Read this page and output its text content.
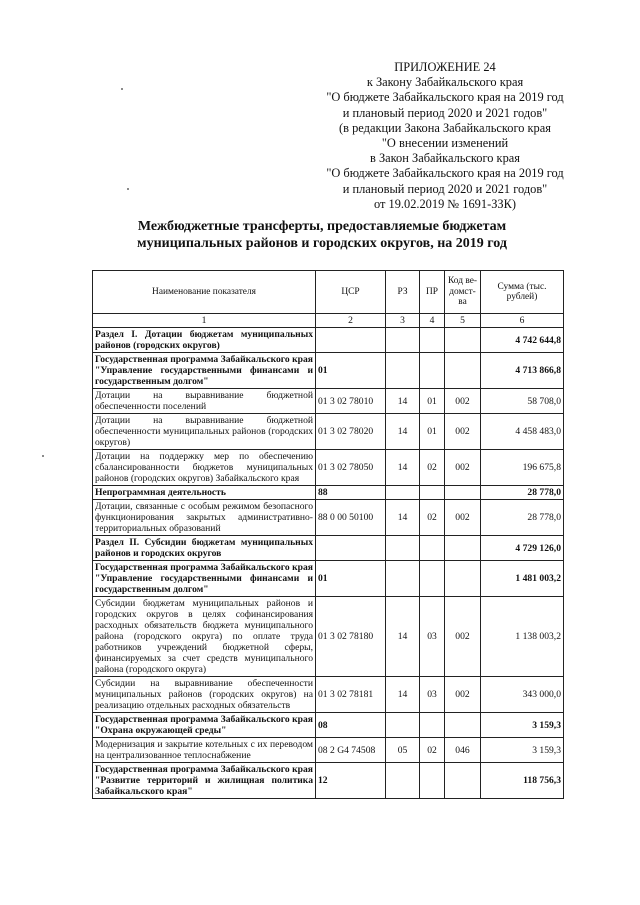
ПРИЛОЖЕНИЕ 24
к Закону Забайкальского края
"О бюджете Забайкальского края на 2019 год
и плановый период 2020 и 2021 годов"
(в редакции Закона Забайкальского края
"О внесении изменений
в Закон Забайкальского края
"О бюджете Забайкальского края на 2019 год
и плановый период 2020 и 2021 годов"
от 19.02.2019 № 1691-ЗЗК)
Межбюджетные трансферты, предоставляемые бюджетам
муниципальных районов и городских округов, на 2019 год
Наименование показателя	ЦСР	РЗ	ПР	Код ве-домст-ва	Сумма (тыс. рублей)
1	2	3	4	5	6
Раздел I. Дотации бюджетам муниципальных районов (городских округов)					4 742 644,8
Государственная программа Забайкальского края "Управление государственными финансами и государственным долгом"	01				4 713 866,8
Дотации на выравнивание бюджетной обеспеченности поселений	01 3 02 78010	14	01	002	58 708,0
Дотации на выравнивание бюджетной обеспеченности муниципальных районов (городских округов)	01 3 02 78020	14	01	002	4 458 483,0
Дотации на поддержку мер по обеспечению сбалансированности бюджетов муниципальных районов (городских округов) Забайкальского края	01 3 02 78050	14	02	002	196 675,8
Непрограммная деятельность	88				28 778,0
Дотации, связанные с особым режимом безопасного функционирования закрытых административно-территориальных образований	88 0 00 50100	14	02	002	28 778,0
Раздел II. Субсидии бюджетам муниципальных районов и городских округов					4 729 126,0
Государственная программа Забайкальского края "Управление государственными финансами и государственным долгом"	01				1 481 003,2
Субсидии бюджетам муниципальных районов и городских округов в целях софинансирования расходных обязательств бюджета муниципального района (городского округа) по оплате труда работников учреждений бюджетной сферы, финансируемых за счет средств муниципального района (городского округа)	01 3 02 78180	14	03	002	1 138 003,2
Субсидии на выравнивание обеспеченности муниципальных районов (городских округов) на реализацию отдельных расходных обязательств	01 3 02 78181	14	03	002	343 000,0
Государственная программа Забайкальского края "Охрана окружающей среды"	08				3 159,3
Модернизация и закрытие котельных с их переводом на централизованное теплоснабжение	08 2 G4 74508	05	02	046	3 159,3
Государственная программа Забайкальского края "Развитие территорий и жилищная политика Забайкальского края"	12				118 756,3
